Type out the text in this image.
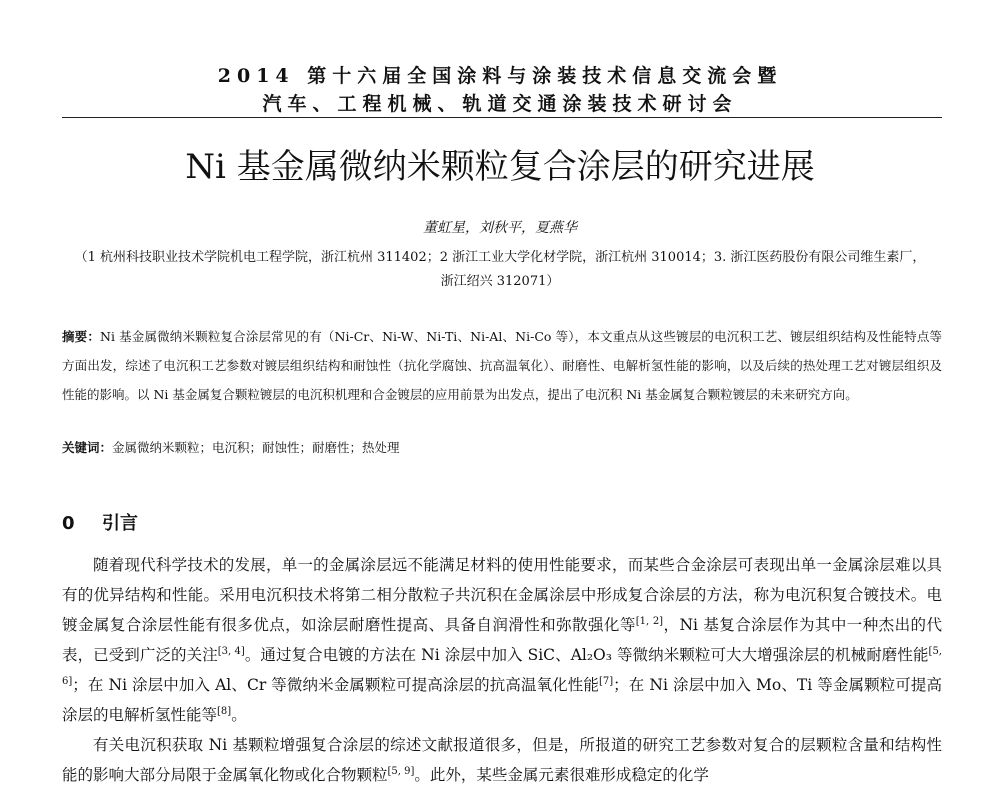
2014 第十六届全国涂料与涂装技术信息交流会暨
汽车、工程机械、轨道交通涂装技术研讨会
Ni 基金属微纳米颗粒复合涂层的研究进展
董虹星，刘秋平，夏燕华
（1 杭州科技职业技术学院机电工程学院，浙江杭州 311402；2 浙江工业大学化材学院，浙江杭州 310014；3. 浙江医药股份有限公司维生素厂，浙江绍兴 312071）
摘要：Ni 基金属微纳米颗粒复合涂层常见的有（Ni-Cr、Ni-W、Ni-Ti、Ni-Al、Ni-Co 等），本文重点从这些镀层的电沉积工艺、镀层组织结构及性能特点等方面出发，综述了电沉积工艺参数对镀层组织结构和耐蚀性（抗化学腐蚀、抗高温氧化）、耐磨性、电解析氢性能的影响，以及后续的热处理工艺对镀层组织及性能的影响。以 Ni 基金属复合颗粒镀层的电沉积机理和合金镀层的应用前景为出发点，提出了电沉积 Ni 基金属复合颗粒镀层的未来研究方向。
关键词：金属微纳米颗粒；电沉积；耐蚀性；耐磨性；热处理
0 引言

随着现代科学技术的发展，单一的金属涂层远不能满足材料的使用性能要求，而某些合金涂层可表现出单一金属涂层难以具有的优异结构和性能。采用电沉积技术将第二相分散粒子共沉积在金属涂层中形成复合涂层的方法，称为电沉积复合镀技术。电镀金属复合涂层性能有很多优点，如涂层耐磨性提高、具备自润滑性和弥散强化等[1, 2]，Ni 基复合涂层作为其中一种杰出的代表，已受到广泛的关注[3, 4]。通过复合电镀的方法在 Ni 涂层中加入 SiC、Al₂O₃ 等微纳米颗粒可大大增强涂层的机械耐磨性能[5, 6]；在 Ni 涂层中加入 Al、Cr 等微纳米金属颗粒可提高涂层的抗高温氧化性能[7]；在 Ni 涂层中加入 Mo、Ti 等金属颗粒可提高涂层的电解析氢性能等[8]。

有关电沉积获取 Ni 基颗粒增强复合涂层的综述文献报道很多，但是，所报道的研究工艺参数对复合的层颗粒含量和结构性能的影响大部分局限于金属氧化物或化合物颗粒[5, 9]。此外，某些金属元素很难形成稳定的化学
